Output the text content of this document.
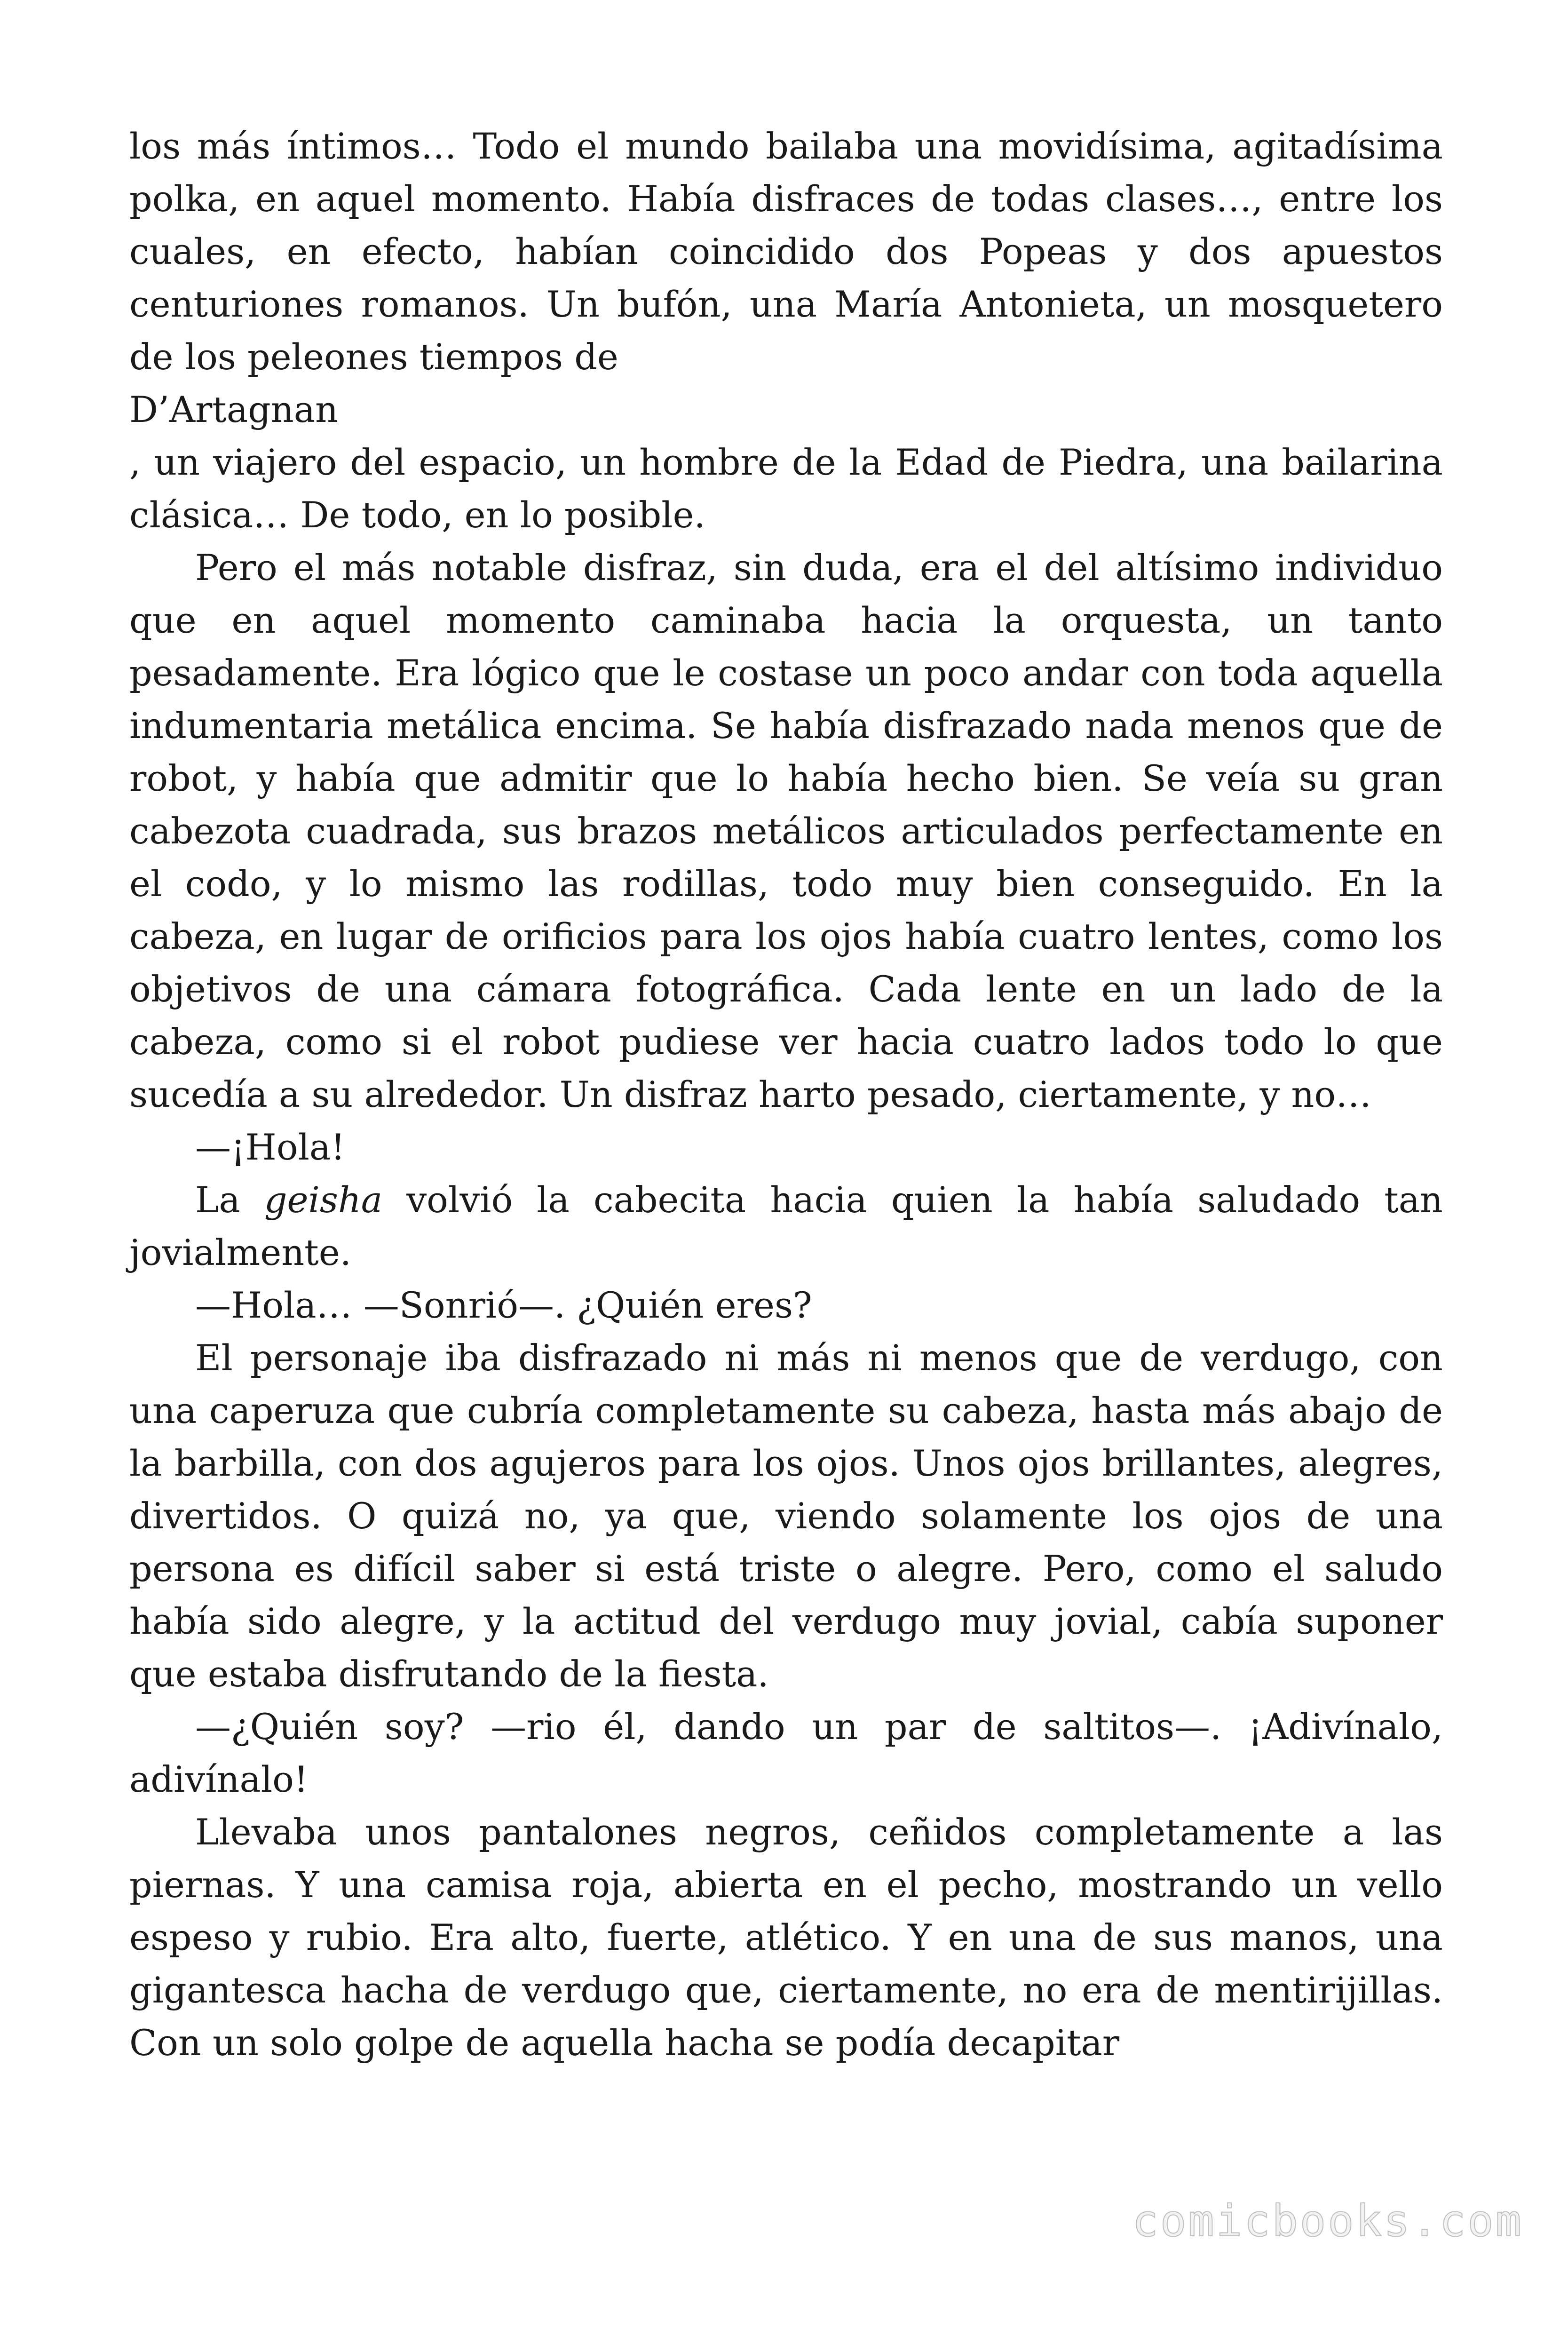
los más íntimos… Todo el mundo bailaba una movidísima, agitadísima polka, en aquel momento. Había disfraces de todas clases…, entre los cuales, en efecto, habían coincidido dos Popeas y dos apuestos centuriones romanos. Un bufón, una María Antonieta, un mosquetero de los peleones tiempos de

D’Artagnan

, un viajero del espacio, un hombre de la Edad de Piedra, una bailarina clásica… De todo, en lo posible.

Pero el más notable disfraz, sin duda, era el del altísimo individuo que en aquel momento caminaba hacia la orquesta, un tanto pesadamente. Era lógico que le costase un poco andar con toda aquella indumentaria metálica encima. Se había disfrazado nada menos que de robot, y había que admitir que lo había hecho bien. Se veía su gran cabezota cuadrada, sus brazos metálicos articulados perfectamente en el codo, y lo mismo las rodillas, todo muy bien conseguido. En la cabeza, en lugar de orificios para los ojos había cuatro lentes, como los objetivos de una cámara fotográfica. Cada lente en un lado de la cabeza, como si el robot pudiese ver hacia cuatro lados todo lo que sucedía a su alrededor. Un disfraz harto pesado, ciertamente, y no…

—¡Hola!

La geisha volvió la cabecita hacia quien la había saludado tan jovialmente.

—Hola… —Sonrió—. ¿Quién eres?

El personaje iba disfrazado ni más ni menos que de verdugo, con una caperuza que cubría completamente su cabeza, hasta más abajo de la barbilla, con dos agujeros para los ojos. Unos ojos brillantes, alegres, divertidos. O quizá no, ya que, viendo solamente los ojos de una persona es difícil saber si está triste o alegre. Pero, como el saludo había sido alegre, y la actitud del verdugo muy jovial, cabía suponer que estaba disfrutando de la fiesta.

—¿Quién soy? —rio él, dando un par de saltitos—. ¡Adivínalo, adivínalo!

Llevaba unos pantalones negros, ceñidos completamente a las piernas. Y una camisa roja, abierta en el pecho, mostrando un vello espeso y rubio. Era alto, fuerte, atlético. Y en una de sus manos, una gigantesca hacha de verdugo que, ciertamente, no era de mentirijillas. Con un solo golpe de aquella hacha se podía decapitar

comicbooks.com
